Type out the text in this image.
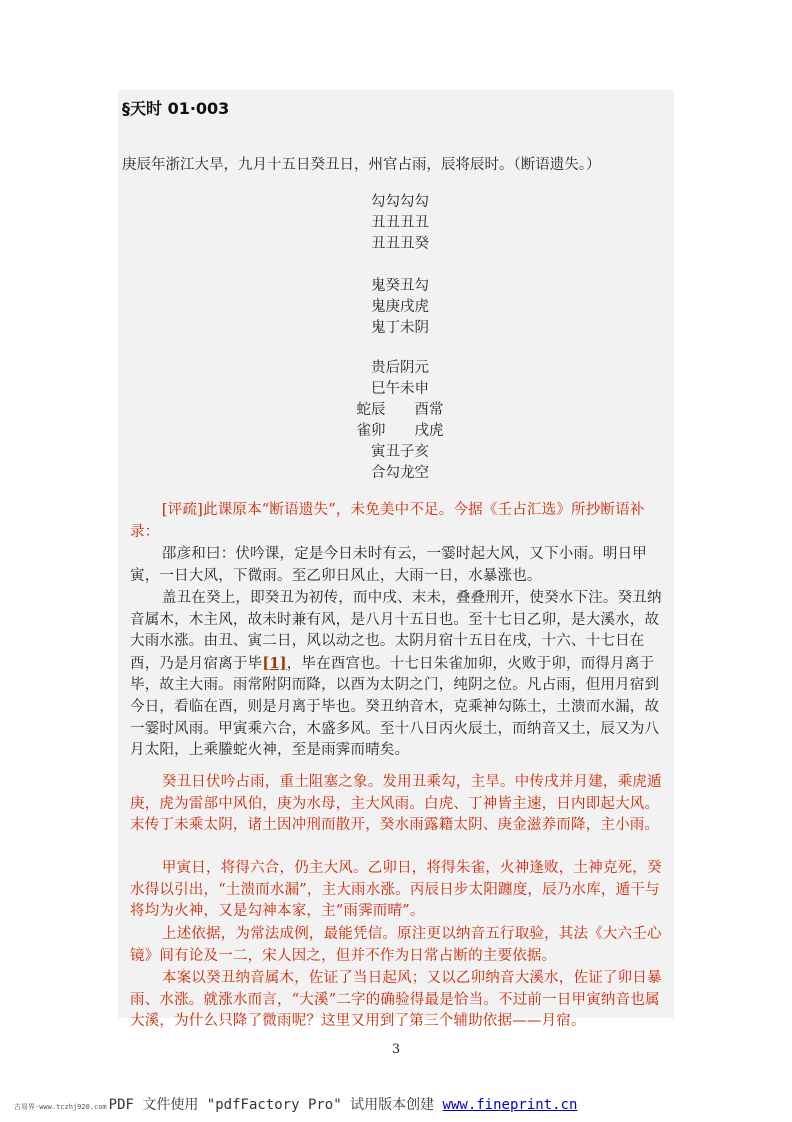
§天时 01·003
庚辰年浙江大旱，九月十五日癸丑日，州官占雨，辰将辰时。（断语遗失。）
勾勾勾勾
丑丑丑丑
丑丑丑癸
鬼癸丑勾
鬼庚戌虎
鬼丁未阴
贵后阴元
巳午未申
蛇辰　　酉常
雀卯　　戌虎
寅丑子亥
合勾龙空
[评疏]此课原本“断语遗失”，未免美中不足。今据《壬占汇选》所抄断语补录：
邵彦和曰：伏吟课，定是今日未时有云，一霎时起大风，又下小雨。明日甲寅，一日大风，下微雨。至乙卯日风止，大雨一日，水暴涨也。
盖丑在癸上，即癸丑为初传，而中戌、末未，叠叠刑开，使癸水下注。癸丑纳音属木，木主风，故未时兼有风，是八月十五日也。至十七日乙卯，是大溪水，故大雨水涨。由丑、寅二日，风以动之也。太阴月宿十五日在戌，十六、十七日在酉，乃是月宿离于毕[1]，毕在酉宫也。十七日朱雀加卯，火败于卯，而得月离于毕，故主大雨。雨常附阴而降，以酉为太阴之门，纯阴之位。凡占雨，但用月宿到今日，看临在酉，则是月离于毕也。癸丑纳音木，克乘神勾陈土，土溃而水漏，故一霎时风雨。甲寅乘六合，木盛多风。至十八日丙火辰土，而纳音又土，辰又为八月太阳，上乘螣蛇火神，至是雨霁而晴矣。
癸丑日伏吟占雨，重土阻塞之象。发用丑乘勾，主旱。中传戌并月建，乘虎遁庚，虎为雷部中风伯，庚为水母，主大风雨。白虎、丁神皆主速，日内即起大风。末传丁未乘太阴，诸土因冲刑而散开，癸水雨露籍太阴、庚金滋养而降，主小雨。
甲寅日，将得六合，仍主大风。乙卯日，将得朱雀，火神逢败，土神克死，癸水得以引出，“土溃而水漏”，主大雨水涨。丙辰日步太阳躔度，辰乃水库，遁干与将均为火神，又是勾神本家，主“雨霁而晴”。
上述依据，为常法成例，最能凭信。原注更以纳音五行取验，其法《大六壬心镜》间有论及一二，宋人因之，但并不作为日常占断的主要依据。
本案以癸丑纳音属木，佐证了当日起风；又以乙卯纳音大溪水，佐证了卯日暴雨、水涨。就涨水而言，“大溪”二字的确验得最是恰当。不过前一日甲寅纳音也属大溪，为什么只降了微雨呢？这里又用到了第三个辅助依据——月宿。
3
古易界·www.tczhj920.com PDF 文件使用 "pdfFactory Pro" 试用版本创建 www.fineprint.cn
